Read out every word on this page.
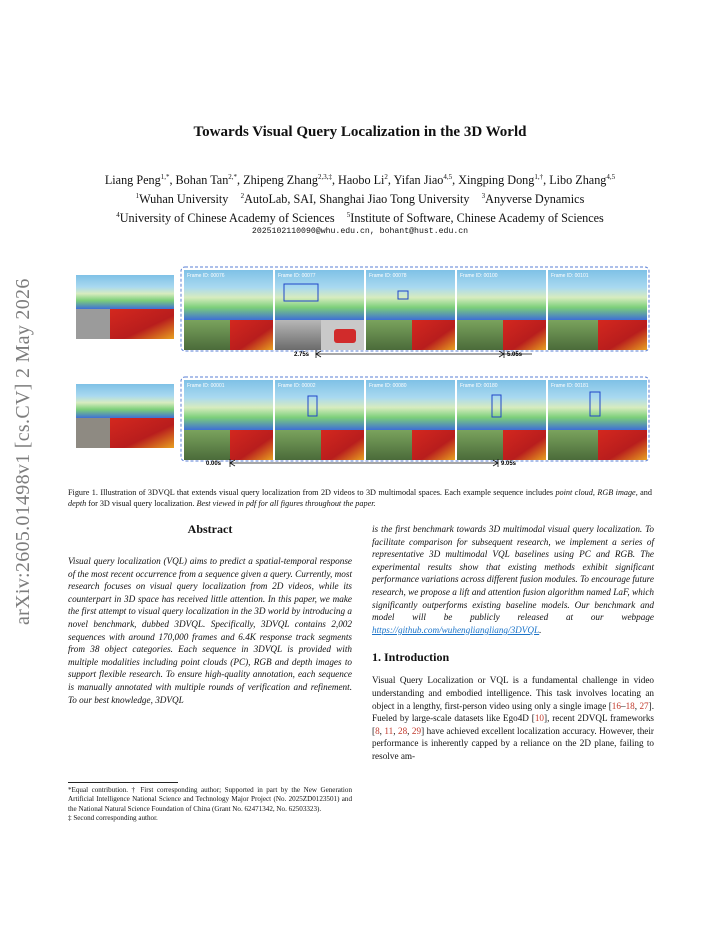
arXiv:2605.01498v1 [cs.CV] 2 May 2026
Towards Visual Query Localization in the 3D World
Liang Peng$^{1,*}$, Bohan Tan$^{2,*}$, Zhipeng Zhang$^{2,3,\ddagger}$, Haobo Li$^2$, Yifan Jiao$^{4,5}$, Xingping Dong$^{1,\dagger}$, Libo Zhang$^{4,5}$
$^1$Wuhan University $^2$AutoLab, SAI, Shanghai Jiao Tong University $^3$Anyverse Dynamics
$^4$University of Chinese Academy of Sciences $^5$Institute of Software, Chinese Academy of Sciences
2025102110090@whu.edu.cn, bohant@hust.edu.cn
Frame ID: 00076	Frame ID: 00077	Frame ID: 00078	Frame ID: 00100	Frame ID: 00101
2.75s	5.05s
Frame ID: 00001	Frame ID: 00002	Frame ID: 00080	Frame ID: 00180	Frame ID: 00181
0.00s	9.05s
Figure 1. Illustration of 3DVQL that extends visual query localization from 2D videos to 3D multimodal spaces. Each example sequence includes point cloud, RGB image, and depth for 3D visual query localization. Best viewed in pdf for all figures throughout the paper.
Abstract

Visual query localization (VQL) aims to predict a spatial-temporal response of the most recent occurrence from a sequence given a query. Currently, most research focuses on visual query localization from 2D videos, while its counterpart in 3D space has received little attention. In this paper, we make the first attempt to visual query localization in the 3D world by introducing a novel benchmark, dubbed 3DVQL. Specifically, 3DVQL contains 2,002 sequences with around 170,000 frames and 6.4K response track segments from 38 object categories. Each sequence in 3DVQL is provided with multiple modalities including point clouds (PC), RGB and depth images to support flexible research. To ensure high-quality annotation, each sequence is manually annotated with multiple rounds of verification and refinement. To our best knowledge, 3DVQL

is the first benchmark towards 3D multimodal visual query localization. To facilitate comparison for subsequent research, we implement a series of representative 3D multimodal VQL baselines using PC and RGB. The experimental results show that existing methods exhibit significant performance variations across different fusion modules. To encourage future research, we propose a lift and attention fusion algorithm named LaF, which significantly outperforms existing baseline models. Our benchmark and model will be publicly released at our webpage https://github.com/wuhengliangliang/3DVQL.

1. Introduction

Visual Query Localization or VQL is a fundamental challenge in video understanding and embodied intelligence. This task involves locating an object in a lengthy, first-person video using only a single image [16–18, 27]. Fueled by large-scale datasets like Ego4D [10], recent 2DVQL frameworks [8, 11, 28, 29] have achieved excellent localization accuracy. However, their performance is inherently capped by a reliance on the 2D plane, failing to resolve am-

*Equal contribution. † First corresponding author; Supported in part by the New Generation Artificial Intelligence National Science and Technology Major Project (No. 2025ZD0123501) and the National Natural Science Foundation of China (Grant No. 62471342, No. 62503323).

‡ Second corresponding author.
